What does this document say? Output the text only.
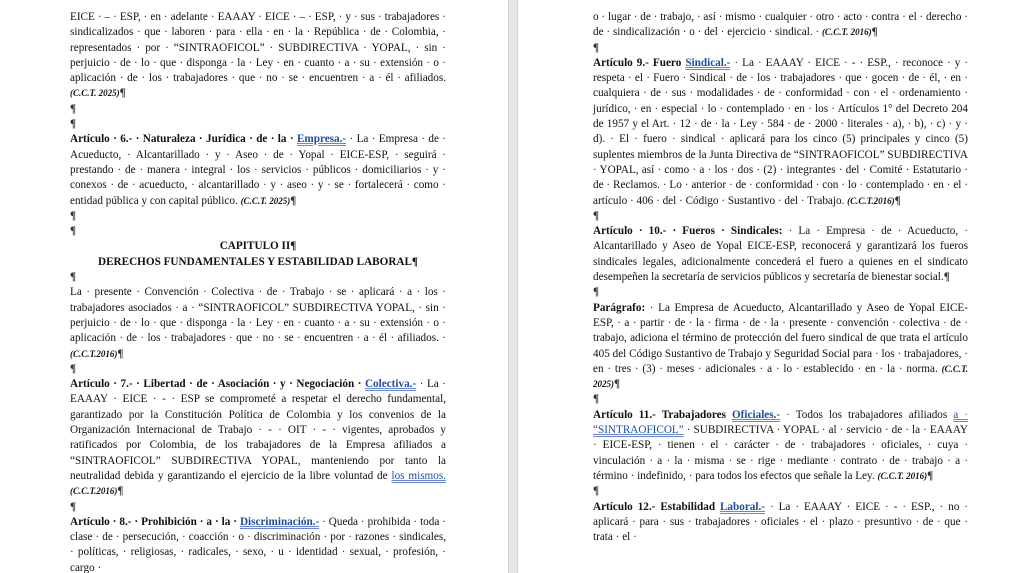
EICE · – · ESP, · en · adelante · EAAAY · EICE · – · ESP, · y · sus · trabajadores · sindicalizados · que · laboren · para · ella · en · la · República · de · Colombia, · representados · por · “SINTRAOFICOL” · SUBDIRECTIVA · YOPAL, · sin · perjuicio · de · lo · que · disponga · la · Ley · en · cuanto · a · su · extensión · o · aplicación · de · los · trabajadores · que · no · se · encuentren · a · él · afiliados. (C.C.T. 2025)¶

¶

¶

Artículo · 6.- · Naturaleza · Jurídica · de · la · Empresa.- · La · Empresa · de · Acueducto, · Alcantarillado · y · Aseo · de · Yopal · EICE-ESP, · seguirá · prestando · de · manera · integral · los · servicios · públicos · domiciliarios · y · conexos · de · acueducto, · alcantarillado · y · aseo · y · se · fortalecerá · como · entidad pública y con capital público. (C.C.T. 2025)¶

¶

¶

CAPITULO II¶

DERECHOS FUNDAMENTALES Y ESTABILIDAD LABORAL¶

¶

La · presente · Convención · Colectiva · de · Trabajo · se · aplicará · a · los · trabajadores asociados · a · “SINTRAOFICOL” SUBDIRECTIVA YOPAL, · sin · perjuicio · de · lo · que · disponga · la · Ley · en · cuanto · a · su · extensión · o · aplicación · de · los · trabajadores · que · no · se · encuentren · a · él · afiliados. · (C.C.T.2016)¶

¶

Artículo · 7.- · Libertad · de · Asociación · y · Negociación · Colectiva.- · La · EAAAY · EICE · - · ESP se comprometé a respetar el derecho fundamental, garantizado por la Constitución Política de Colombia y los convenios de la Organización Internacional de Trabajo · - · OIT · - · vigentes, aprobados y ratificados por Colombia, de los trabajadores de la Empresa afiliados a “SINTRAOFICOL” SUBDIRECTIVA YOPAL, manteniendo por tanto la neutralidad debida y garantizando el ejercicio de la libre voluntad de los mismos. (C.C.T.2016)¶

¶

Artículo · 8.- · Prohibición · a · la · Discriminación.- · Queda · prohibida · toda · clase · de · persecución, · coacción · o · discriminación · por · razones · sindicales, · políticas, · religiosas, · radicales, · sexo, · u · identidad · sexual, · profesión, · cargo ·

o · lugar · de · trabajo, · así · mismo · cualquier · otro · acto · contra · el · derecho · de · sindicalización · o · del · ejercicio · sindical. · (C.C.T. 2016)¶

¶

Artículo 9.- Fuero Sindical.- · La · EAAAY · EICE · - · ESP., · reconoce · y · respeta · el · Fuero · Sindical · de · los · trabajadores · que · gocen · de · él, · en · cualquiera · de · sus · modalidades · de · conformidad · con · el · ordenamiento · jurídico, · en · especial · lo · contemplado · en · los · Artículos 1° del Decreto 204 de 1957 y el Art. · 12 · de · la · Ley · 584 · de · 2000 · literales · a), · b), · c) · y · d). · El · fuero · sindical · aplicará para los cinco (5) principales y cinco (5) suplentes miembros de la Junta Directiva de “SINTRAOFICOL” SUBDIRECTIVA · YOPAL, así · como · a · los · dos · (2) · integrantes · del · Comité · Estatutario · de · Reclamos. · Lo · anterior · de · conformidad · con · lo · contemplado · en · el · artículo · 406 · del · Código · Sustantivo · del · Trabajo. (C.C.T.2016)¶

¶

Artículo · 10.- · Fueros · Sindicales: · La · Empresa · de · Acueducto, · Alcantarillado y Aseo de Yopal EICE-ESP, reconocerá y garantizará los fueros sindicales legales, adicionalmente concederá el fuero a quienes en el sindicato desempeñen la secretaría de servicios públicos y secretaría de bienestar social.¶

¶

Parágrafo: · La Empresa de Acueducto, Alcantarillado y Aseo de Yopal EICE-ESP, · a · partir · de · la · firma · de · la · presente · convención · colectiva · de · trabajo, adiciona el término de protección del fuero sindical de que trata el artículo 405 del Código Sustantivo de Trabajo y Seguridad Social para · los · trabajadores, · en · tres · (3) · meses · adicionales · a · lo · establecido · en · la · norma. (C.C.T. 2025)¶

¶

Artículo 11.- Trabajadores Oficiales.- · Todos los trabajadores afiliados a · “SINTRAOFICOL” · SUBDIRECTIVA · YOPAL · al · servicio · de · la · EAAAY · EICE-ESP, · tienen · el · carácter · de · trabajadores · oficiales, · cuya · vinculación · a · la · misma · se · rige · mediante · contrato · de · trabajo · a · término · indefinido, · para todos los efectos que señale la Ley. (C.C.T. 2016)¶

¶

Artículo 12.- Estabilidad Laboral.- · La · EAAAY · EICE · - · ESP., · no · aplicará · para · sus · trabajadores · oficiales · el · plazo · presuntivo · de · que · trata · el ·
